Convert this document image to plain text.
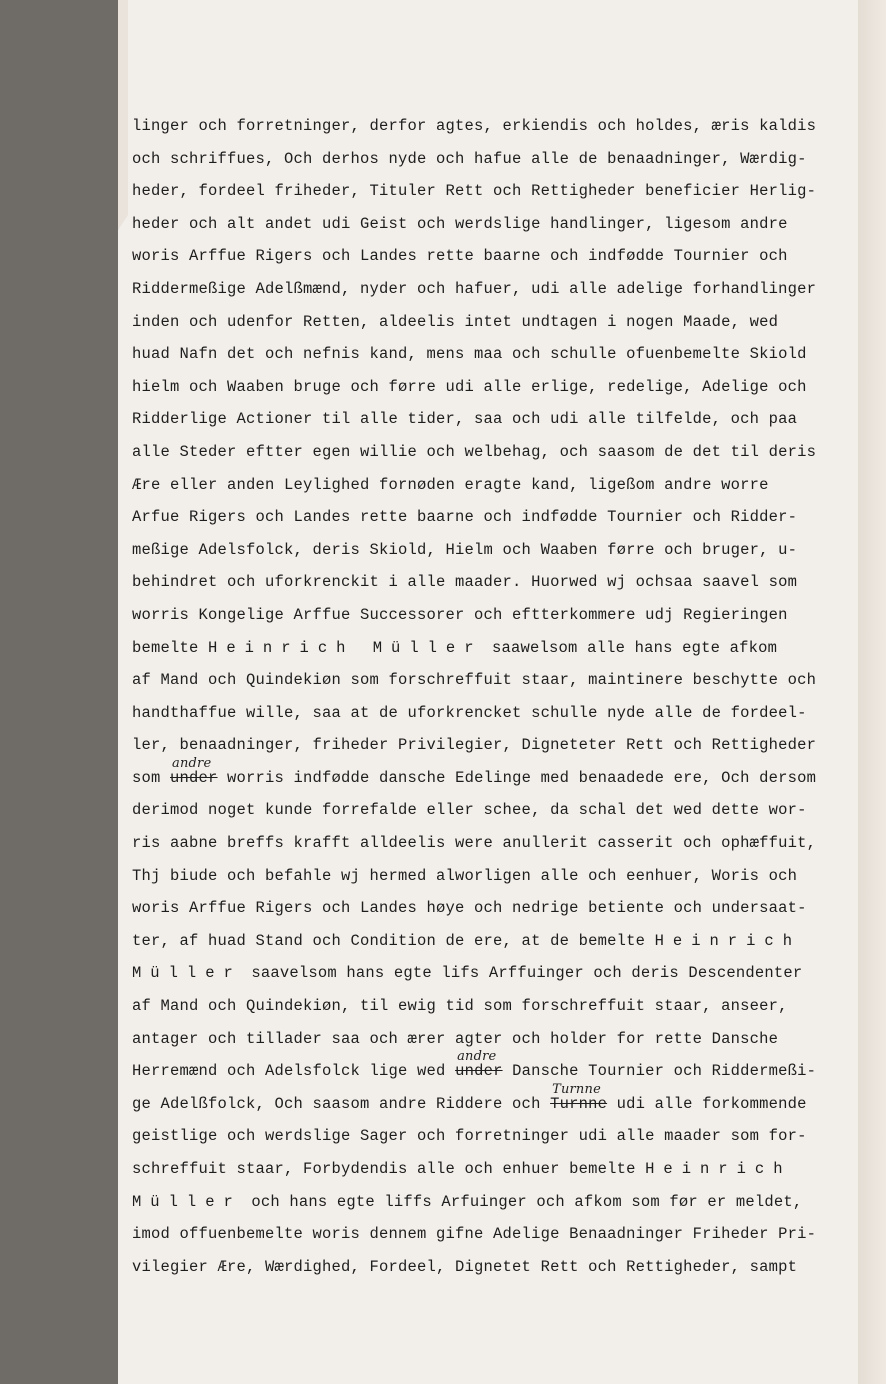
linger och forretninger, derfor agtes, erkiendis och holdes, æris kaldis
och schriffues, Och derhos nyde och hafue alle de benaadninger, Wærdig-
heder, fordeel friheder, Tituler Rett och Rettigheder beneficier Herlig-
heder och alt andet udi Geist och werdslige handlinger, ligesom andre
woris Arffue Rigers och Landes rette baarne och indfødde Tournier och
Riddermeßige Adelßmænd, nyder och hafuer, udi alle adelige forhandlinger
inden och udenfor Retten, aldeelis intet undtagen i nogen Maade, wed
huad Nafn det och nefnis kand, mens maa och schulle ofuenbemelte Skiold
hielm och Waaben bruge och førre udi alle erlige, redelige, Adelige och
Ridderlige Actioner til alle tider, saa och udi alle tilfelde, och paa
alle Steder eftter egen willie och welbehag, och saasom de det til deris
Ære eller anden Leylighed fornøden eragte kand, ligeßom andre worre
Arfue Rigers och Landes rette baarne och indfødde Tournier och Ridder-
meßige Adelsfolck, deris Skiold, Hielm och Waaben førre och bruger, u-
behindret och uforkrenckit i alle maader. Huorwed wj ochsaa saavel som
worris Kongelige Arffue Successorer och eftterkommere udj Regieringen
bemelte Heinrich Müller saawelsom alle hans egte afkom
af Mand och Quindekiøn som forschreffuit staar, maintinere beschytte och
handthaffue wille, saa at de uforkrencket schulle nyde alle de fordeel-
ler, benaadninger, friheder Privilegier, Digneteter Rett och Rettigheder
som
andre
under worris indfødde dansche Edelinge med benaadede ere, Och dersom
derimod noget kunde forrefalde eller schee, da schal det wed dette wor-
ris aabne breffs krafft alldeelis were anullerit casserit och ophæffuit,
Thj biude och befahle wj hermed alworligen alle och eenhuer, Woris och
woris Arffue Rigers och Landes høye och nedrige betiente och undersaat-
ter, af huad Stand och Condition de ere, at de bemelte Heinrich
Müller saavelsom hans egte lifs Arffuinger och deris Descendenter
af Mand och Quindekiøn, til ewig tid som forschreffuit staar, anseer,
antager och tillader saa och ærer agter och holder for rette Dansche
Herremænd och Adelsfolck lige wed
andre
under Dansche Tournier och Riddermeßi-
ge Adelßfolck, Och saasom andre Riddere och
Turnne
Turnne udi alle forkommende
geistlige och werdslige Sager och forretninger udi alle maader som for-
schreffuit staar, Forbydendis alle och enhuer bemelte Heinrich
Müller och hans egte liffs Arfuinger och afkom som før er meldet,
imod offuenbemelte woris dennem gifne Adelige Benaadninger Friheder Pri-
vilegier Ære, Wærdighed, Fordeel, Dignetet Rett och Rettigheder, sampt
